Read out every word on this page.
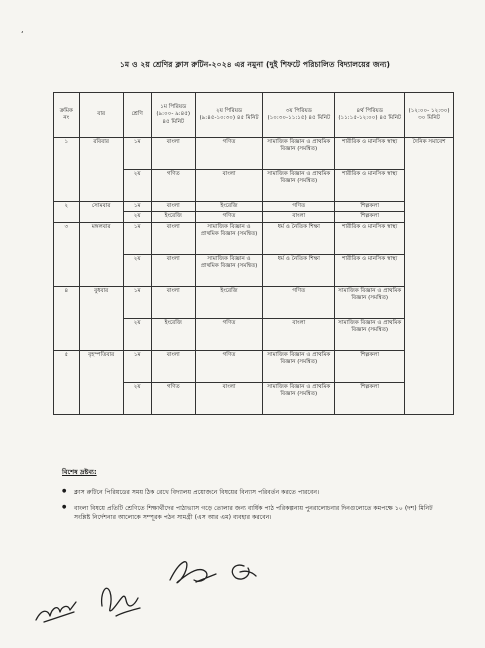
‘
১ম ও ২য় শ্রেণির ক্লাস রুটিন-২০২৪ এর নমুনা (দুই শিফটে পরিচালিত বিদ্যালয়ের জন্য)
ক্রমিক নং	বার	শ্রেণি	১ম পিরিয়ড (৯:০০- ৯:৪৫) ৪৫ মিনিট	২য় পিরিয়ড (৯:৪৫-১০:৩০) ৪৫ মিনিট	৩য় পিরিয়ড (১০:৩০-১১:১৫) ৪৫ মিনিট	৪র্থ পিরিয়ড (১১:১৫-১২:০০) ৪৫ মিনিট	(১২:০০- ১২:৩০) ৩০ মিনিট
১	রবিবার	১ম	বাংলা	গণিত	সামাজিক বিজ্ঞান ও প্রাথমিক বিজ্ঞান (সমন্বিত)	শারীরিক ও মানসিক স্বাস্থ্য	দৈনিক সমাবেশ
		২য়	গণিত	বাংলা	সামাজিক বিজ্ঞান ও প্রাথমিক বিজ্ঞান (সমন্বিত)	শারীরিক ও মানসিক স্বাস্থ্য	
২	সোমবার	১ম	বাংলা	ইংরেজি	গণিত	শিল্পকলা	
		২য়	ইংরেজি	গণিত	বাংলা	শিল্পকলা	
৩	মঙ্গলবার	১ম	বাংলা	সামাজিক বিজ্ঞান ও প্রাথমিক বিজ্ঞান (সমন্বিত)	ধর্ম ও নৈতিক শিক্ষা	শারীরিক ও মানসিক স্বাস্থ্য	
		২য়	বাংলা	সামাজিক বিজ্ঞান ও প্রাথমিক বিজ্ঞান (সমন্বিত)	ধর্ম ও নৈতিক শিক্ষা	শারীরিক ও মানসিক স্বাস্থ্য	
৪	বুধবার	১ম	বাংলা	ইংরেজি	গণিত	সামাজিক বিজ্ঞান ও প্রাথমিক বিজ্ঞান (সমন্বিত)	
		২য়	ইংরেজি	গণিত	বাংলা	সামাজিক বিজ্ঞান ও প্রাথমিক বিজ্ঞান (সমন্বিত)	
৫	বৃহস্পতিবার	১ম	বাংলা	গণিত	সামাজিক বিজ্ঞান ও প্রাথমিক বিজ্ঞান (সমন্বিত)	শিল্পকলা	
		২য়	গণিত	বাংলা	সামাজিক বিজ্ঞান ও প্রাথমিক বিজ্ঞান (সমন্বিত)	শিল্পকলা	
বিশেষ দ্রষ্টব্য:
● ক্লাস রুটিনে পিরিয়ডের সময় ঠিক রেখে বিদ্যালয় প্রয়োজনে বিষয়ের বিন্যাস পরিবর্তন করতে পারবেন।
● বাংলা বিষয়ে প্রতিটি শ্রেণিতে শিক্ষার্থীদের পাঠাভ্যাস গড়ে তোলার জন্য বার্ষিক পাঠ পরিকল্পনায় পুনরালোচনার দিনগুলোতে কমপক্ষে ১০ (দশ) মিনিট সংশ্লিষ্ট নির্দেশনার আলোকে সম্পূরক পঠন সামগ্রী (এস আর এম) ব্যবহার করবেন।
